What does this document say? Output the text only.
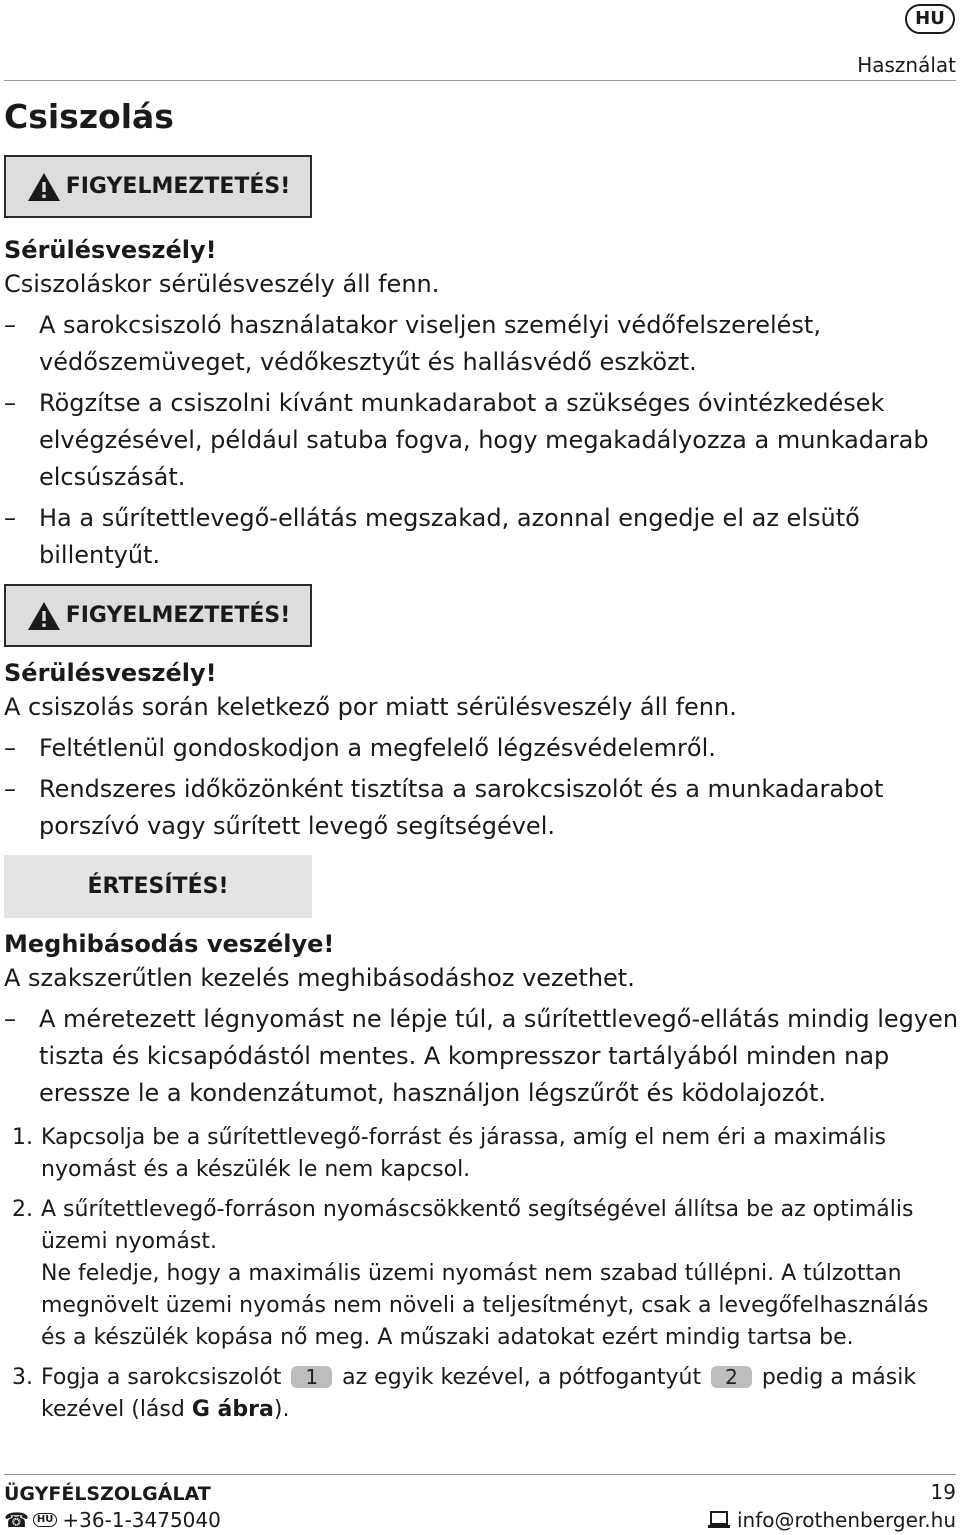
HU
Használat
Csiszolás
FIGYELMEZTETÉS!
Sérülésveszély!
Csiszoláskor sérülésveszély áll fenn.
– A sarokcsiszoló használatakor viseljen személyi védőfelszerelést, védőszemüveget, védőkesztyűt és hallásvédő eszközt.
– Rögzítse a csiszolni kívánt munkadarabot a szükséges óvintézkedések elvégzésével, például satuba fogva, hogy megakadályozza a munkadarab elcsúszását.
– Ha a sűrítettlevegő-ellátás megszakad, azonnal engedje el az elsütő billentyűt.
FIGYELMEZTETÉS!
Sérülésveszély!
A csiszolás során keletkező por miatt sérülésveszély áll fenn.
– Feltétlenül gondoskodjon a megfelelő légzésvédelemről.
– Rendszeres időközönként tisztítsa a sarokcsiszolót és a munkadarabot porszívó vagy sűrített levegő segítségével.
ÉRTESÍTÉS!
Meghibásodás veszélye!
A szakszerűtlen kezelés meghibásodáshoz vezethet.
– A méretezett légnyomást ne lépje túl, a sűrítettlevegő-ellátás mindig legyen tiszta és kicsapódástól mentes. A kompresszor tartályából minden nap eressze le a kondenzátumot, használjon légszűrőt és ködolajozót.
1. Kapcsolja be a sűrítettlevegő-forrást és járassa, amíg el nem éri a maximális nyomást és a készülék le nem kapcsol.
2. A sűrítettlevegő-forráson nyomáscsökkentő segítségével állítsa be az optimális üzemi nyomást.
Ne feledje, hogy a maximális üzemi nyomást nem szabad túllépni. A túlzottan megnövelt üzemi nyomás nem növeli a teljesítményt, csak a levegőfelhasználás és a készülék kopása nő meg. A műszaki adatokat ezért mindig tartsa be.
3. Fogja a sarokcsiszolót 1 az egyik kezével, a pótfogantyút 2 pedig a másik kezével (lásd G ábra).
ÜGYFÉLSZOLGÁLAT
☎ HU +36-1-3475040
19
info@rothenberger.hu
